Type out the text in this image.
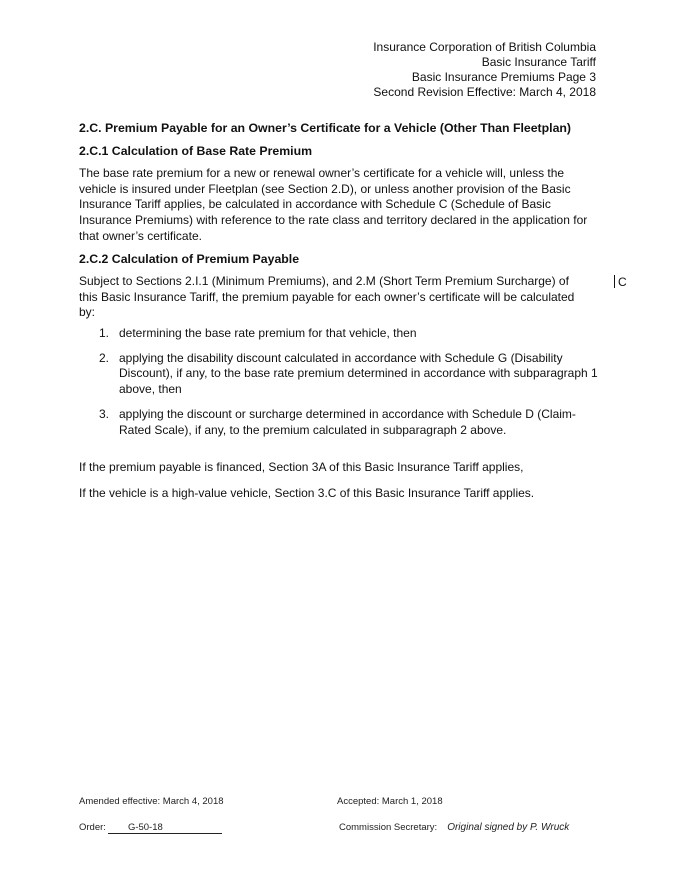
Insurance Corporation of British Columbia
Basic Insurance Tariff
Basic Insurance Premiums Page 3
Second Revision Effective: March 4, 2018
2.C. Premium Payable for an Owner’s Certificate for a Vehicle (Other Than Fleetplan)
2.C.1 Calculation of Base Rate Premium
The base rate premium for a new or renewal owner’s certificate for a vehicle will, unless the vehicle is insured under Fleetplan (see Section 2.D), or unless another provision of the Basic Insurance Tariff applies, be calculated in accordance with Schedule C (Schedule of Basic Insurance Premiums) with reference to the rate class and territory declared in the application for that owner’s certificate.
2.C.2 Calculation of Premium Payable
Subject to Sections 2.I.1 (Minimum Premiums), and 2.M (Short Term Premium Surcharge) of this Basic Insurance Tariff, the premium payable for each owner’s certificate will be calculated by:
C
1. determining the base rate premium for that vehicle, then
2. applying the disability discount calculated in accordance with Schedule G (Disability Discount), if any, to the base rate premium determined in accordance with subparagraph 1 above, then
3. applying the discount or surcharge determined in accordance with Schedule D (Claim-Rated Scale), if any, to the premium calculated in subparagraph 2 above.
If the premium payable is financed, Section 3A of this Basic Insurance Tariff applies,
If the vehicle is a high-value vehicle, Section 3.C of this Basic Insurance Tariff applies.
Amended effective: March 4, 2018	Accepted: March 1, 2018
Order: G-50-18	Commission Secretary: Original signed by P. Wruck
